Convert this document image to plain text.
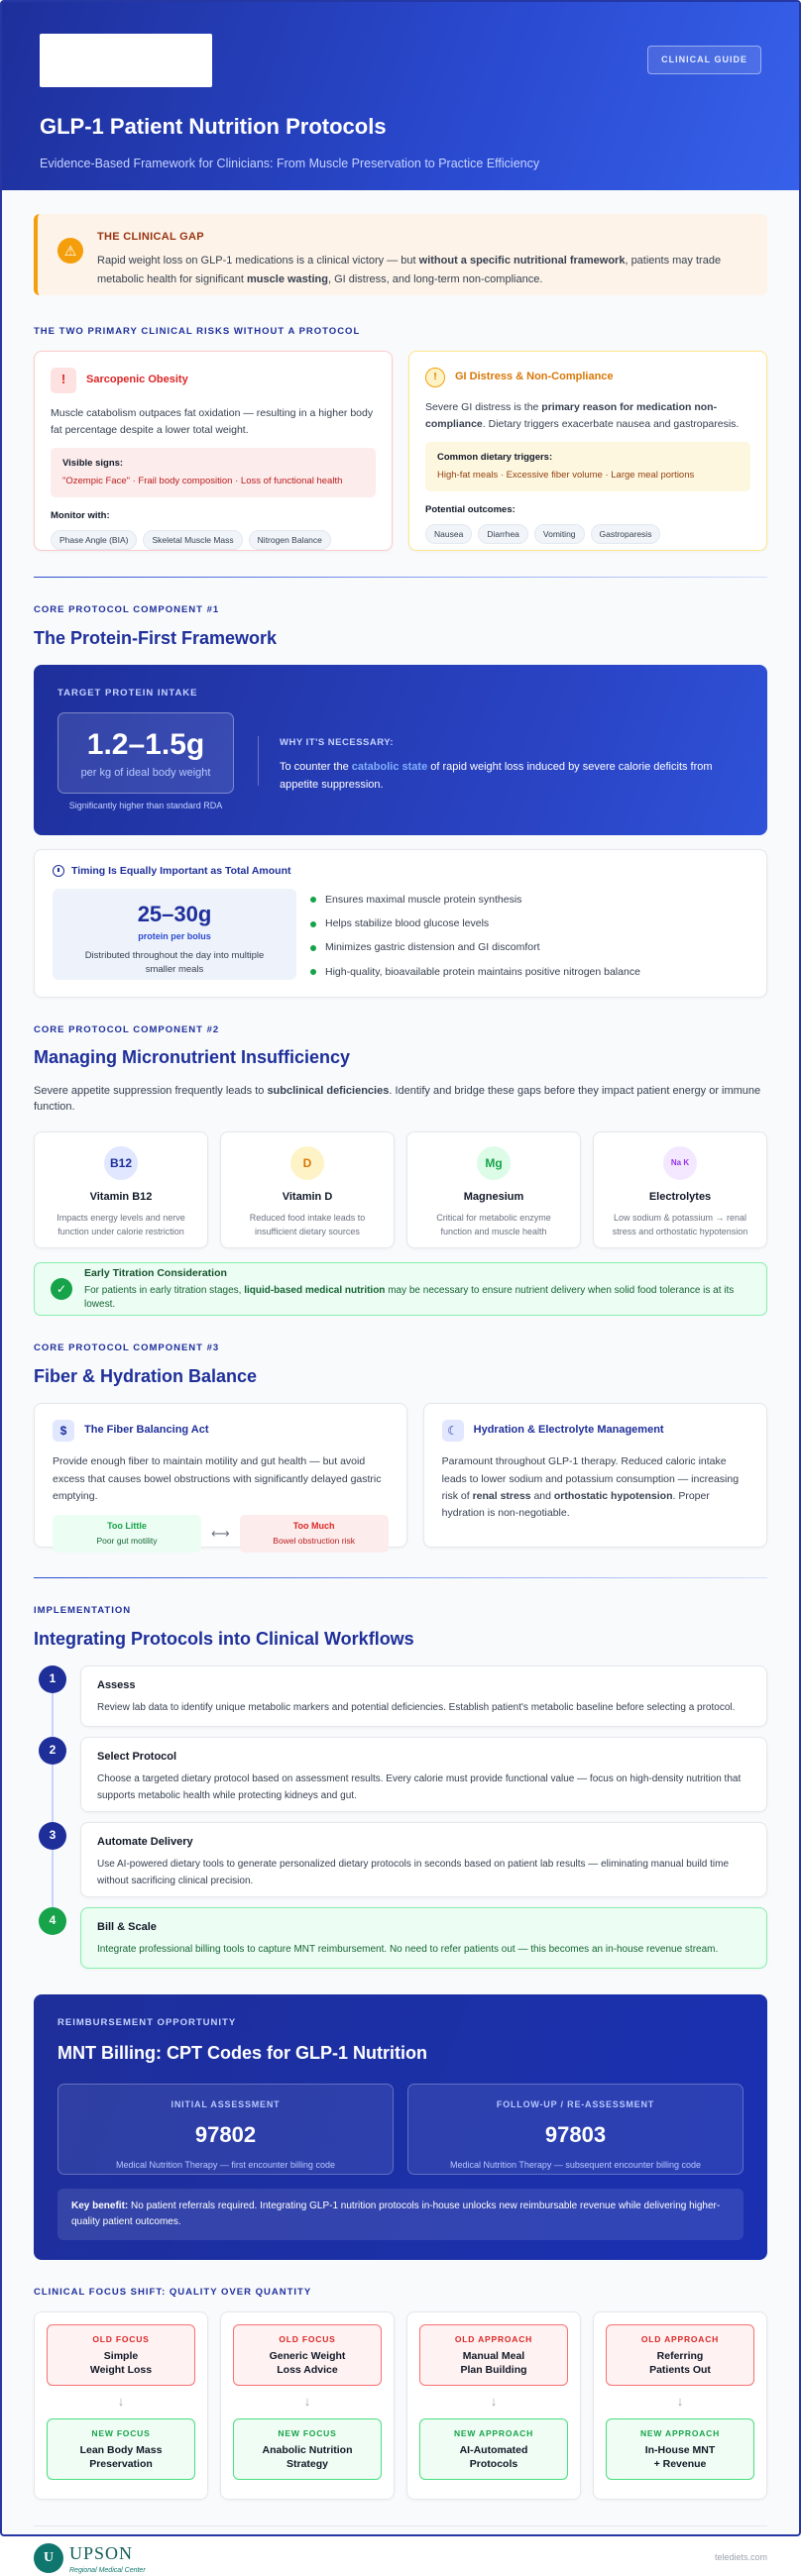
CLINICAL GUIDE
GLP-1 Patient Nutrition Protocols
Evidence-Based Framework for Clinicians: From Muscle Preservation to Practice Efficiency
⚠
THE CLINICAL GAP
Rapid weight loss on GLP-1 medications is a clinical victory — but without a specific nutritional framework, patients may trade metabolic health for significant muscle wasting, GI distress, and long-term non-compliance.
THE TWO PRIMARY CLINICAL RISKS WITHOUT A PROTOCOL
!	Sarcopenic Obesity
Muscle catabolism outpaces fat oxidation — resulting in a higher body fat percentage despite a lower total weight.
Visible signs:
"Ozempic Face" · Frail body composition · Loss of functional health
Monitor with:
Phase Angle (BIA)	Skeletal Muscle Mass	Nitrogen Balance
!	GI Distress & Non-Compliance
Severe GI distress is the primary reason for medication non-compliance. Dietary triggers exacerbate nausea and gastroparesis.
Common dietary triggers:
High-fat meals · Excessive fiber volume · Large meal portions
Potential outcomes:
Nausea	Diarrhea	Vomiting	Gastroparesis
CORE PROTOCOL COMPONENT #1
The Protein-First Framework
TARGET PROTEIN INTAKE
1.2–1.5g
per kg of ideal body weight
Significantly higher than standard RDA
WHY IT'S NECESSARY:
To counter the catabolic state of rapid weight loss induced by severe calorie deficits from appetite suppression.
Timing Is Equally Important as Total Amount
25–30g
protein per bolus
Distributed throughout the day into multiple smaller meals
Ensures maximal muscle protein synthesis
Helps stabilize blood glucose levels
Minimizes gastric distension and GI discomfort
High-quality, bioavailable protein maintains positive nitrogen balance
CORE PROTOCOL COMPONENT #2
Managing Micronutrient Insufficiency
Severe appetite suppression frequently leads to subclinical deficiencies. Identify and bridge these gaps before they impact patient energy or immune function.
B12
Vitamin B12
Impacts energy levels and nerve function under calorie restriction
D
Vitamin D
Reduced food intake leads to insufficient dietary sources
Mg
Magnesium
Critical for metabolic enzyme function and muscle health
Na K
Electrolytes
Low sodium & potassium → renal stress and orthostatic hypotension
✓
Early Titration Consideration
For patients in early titration stages, liquid-based medical nutrition may be necessary to ensure nutrient delivery when solid food tolerance is at its lowest.
CORE PROTOCOL COMPONENT #3
Fiber & Hydration Balance
$	The Fiber Balancing Act
Provide enough fiber to maintain motility and gut health — but avoid excess that causes bowel obstructions with significantly delayed gastric emptying.
Too Little
Poor gut motility
⟷	Too Much
Bowel obstruction risk
☾	Hydration & Electrolyte Management
Paramount throughout GLP-1 therapy. Reduced caloric intake leads to lower sodium and potassium consumption — increasing risk of renal stress and orthostatic hypotension. Proper hydration is non-negotiable.
IMPLEMENTATION
Integrating Protocols into Clinical Workflows
1	Assess
Review lab data to identify unique metabolic markers and potential deficiencies. Establish patient's metabolic baseline before selecting a protocol.
2	Select Protocol
Choose a targeted dietary protocol based on assessment results. Every calorie must provide functional value — focus on high-density nutrition that supports metabolic health while protecting kidneys and gut.
3	Automate Delivery
Use AI-powered dietary tools to generate personalized dietary protocols in seconds based on patient lab results — eliminating manual build time without sacrificing clinical precision.
4	Bill & Scale
Integrate professional billing tools to capture MNT reimbursement. No need to refer patients out — this becomes an in-house revenue stream.
REIMBURSEMENT OPPORTUNITY
MNT Billing: CPT Codes for GLP-1 Nutrition
INITIAL ASSESSMENT
97802
Medical Nutrition Therapy — first encounter billing code
FOLLOW-UP / RE-ASSESSMENT
97803
Medical Nutrition Therapy — subsequent encounter billing code
Key benefit: No patient referrals required. Integrating GLP-1 nutrition protocols in-house unlocks new reimbursable revenue while delivering higher-quality patient outcomes.
CLINICAL FOCUS SHIFT: QUALITY OVER QUANTITY
OLD FOCUS
Simple
Weight Loss
↓
NEW FOCUS
Lean Body Mass
Preservation
OLD FOCUS
Generic Weight
Loss Advice
↓
NEW FOCUS
Anabolic Nutrition
Strategy
OLD APPROACH
Manual Meal
Plan Building
↓
NEW APPROACH
AI-Automated
Protocols
OLD APPROACH
Referring
Patients Out
↓
NEW APPROACH
In-House MNT
+ Revenue
U UPSON
Regional Medical Center
telediets.com
